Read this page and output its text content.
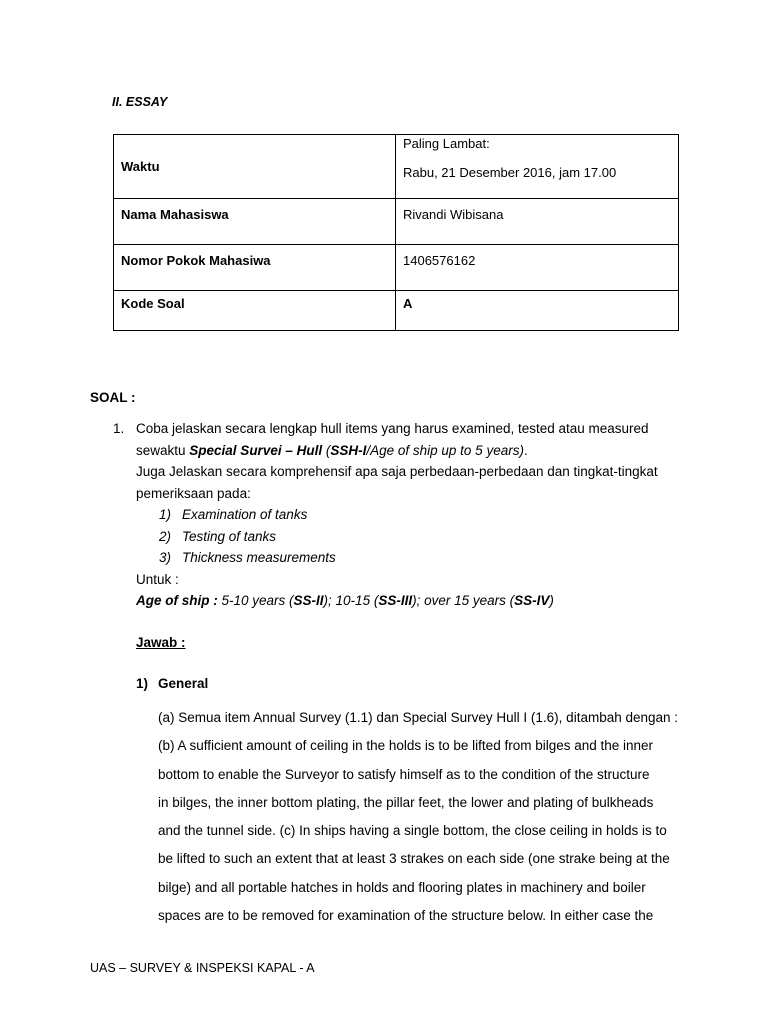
II. ESSAY
Waktu	Paling Lambat:
Rabu, 21 Desember 2016, jam 17.00

Nama Mahasiswa	Rivandi Wibisana
Nomor Pokok Mahasiwa	1406576162
Kode Soal	A
SOAL :
1. Coba jelaskan secara lengkap hull items yang harus examined, tested atau measured
sewaktu Special Survei – Hull (SSH-I/Age of ship up to 5 years).
Juga Jelaskan secara komprehensif apa saja perbedaan-perbedaan dan tingkat-tingkat
pemeriksaan pada:
1) Examination of tanks
2) Testing of tanks
3) Thickness measurements
Untuk :
Age of ship : 5-10 years (SS-II); 10-15 (SS-III); over 15 years (SS-IV)
Jawab :
1) General
(a) Semua item Annual Survey (1.1) dan Special Survey Hull I (1.6), ditambah dengan :
(b) A sufficient amount of ceiling in the holds is to be lifted from bilges and the inner
bottom to enable the Surveyor to satisfy himself as to the condition of the structure
in bilges, the inner bottom plating, the pillar feet, the lower and plating of bulkheads
and the tunnel side. (c) In ships having a single bottom, the close ceiling in holds is to
be lifted to such an extent that at least 3 strakes on each side (one strake being at the
bilge) and all portable hatches in holds and flooring plates in machinery and boiler
spaces are to be removed for examination of the structure below. In either case the
UAS – SURVEY & INSPEKSI KAPAL - A
